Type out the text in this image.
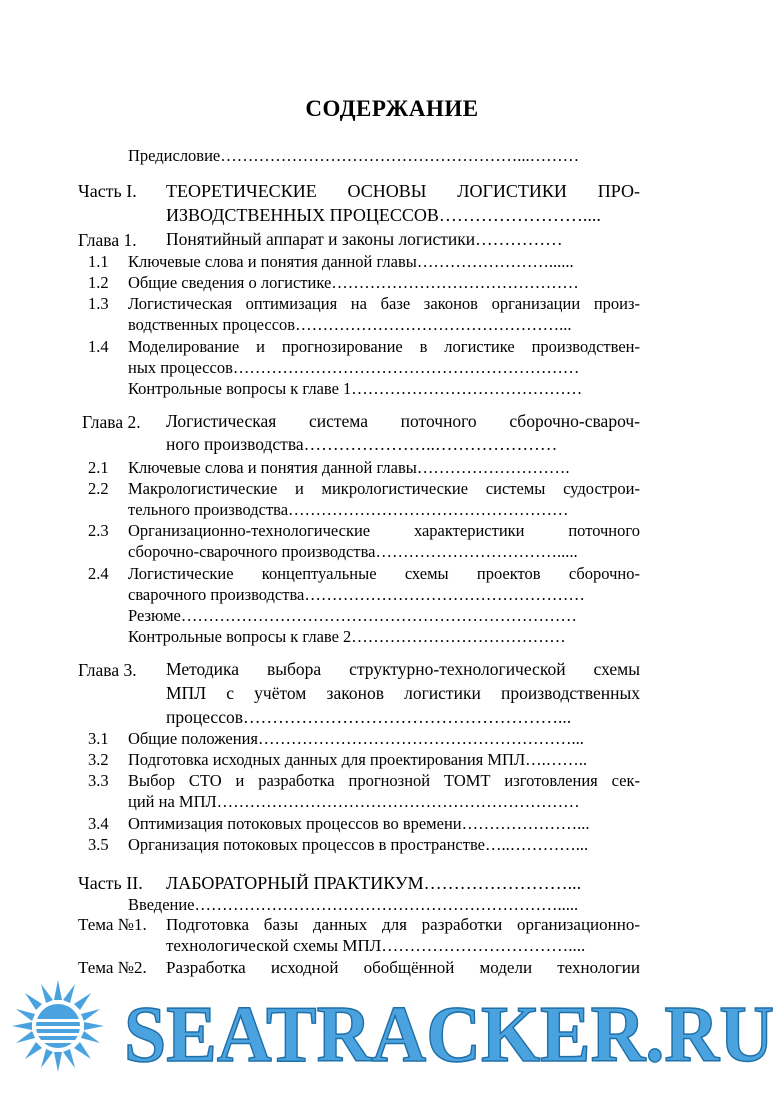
СОДЕРЖАНИЕ
Предисловие………………………………………………...………
Часть I. ТЕОРЕТИЧЕСКИЕ ОСНОВЫ ЛОГИСТИКИ ПРО-
ИЗВОДСТВЕННЫХ ПРОЦЕССОВ……………………....
Глава 1. Понятийный аппарат и законы логистики……………
1.1 Ключевые слова и понятия данной главы……………………......
1.2 Общие сведения о логистике………………………………………
1.3 Логистическая оптимизация на базе законов организации произ-
водственных процессов…………………………………………...
1.4 Моделирование и прогнозирование в логистике производствен-
ных процессов………………………………………………………
Контрольные вопросы к главе 1……………………………………
Глава 2. Логистическая система поточного сборочно-свароч-
ного производства…………………..…………………
2.1 Ключевые слова и понятия данной главы……………………….
2.2 Макрологистические и микрологистические системы судострои-
тельного производства……………………………………………
2.3 Организационно-технологические характеристики поточного
сборочно-сварочного производства…………………………….....
2.4 Логистические концептуальные схемы проектов сборочно-
сварочного производства……………………………………………
Резюме………………………………………………………………
Контрольные вопросы к главе 2…………………………………
Глава 3. Методика выбора структурно-технологической схемы
МПЛ с учётом законов логистики производственных
процессов………………………………………………...
3.1 Общие положения…………………………………………………...
3.2 Подготовка исходных данных для проектирования МПЛ….……..
3.3 Выбор СТО и разработка прогнозной ТОМТ изготовления сек-
ций на МПЛ…………………………………………………………
3.4 Оптимизация потоковых процессов во времени…………………...
3.5 Организация потоковых процессов в пространстве…..…………...
Часть II. ЛАБОРАТОРНЫЙ ПРАКТИКУМ……………………...
Введение………………………………………………………….....
Тема №1. Подготовка базы данных для разработки организационно-
технологической схемы МПЛ……………………………....
Тема №2. Разработка исходной обобщённой модели технологии
SEATRACKER.RU
